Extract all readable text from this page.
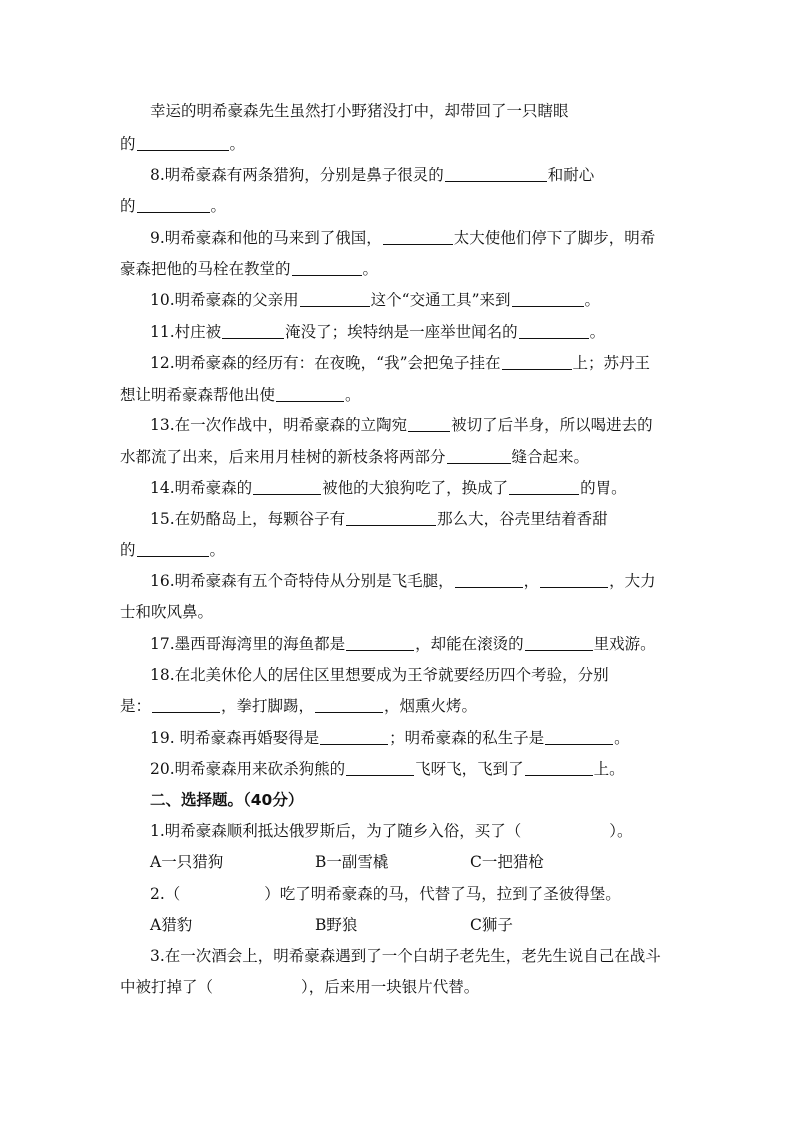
幸运的明希豪森先生虽然打小野猪没打中，却带回了一只瞎眼
的	。
8.明希豪森有两条猎狗，分别是鼻子很灵的	和耐心
的	。
9.明希豪森和他的马来到了俄国，	太大使他们停下了脚步，明希
豪森把他的马栓在教堂的	。
10.明希豪森的父亲用	这个“交通工具”来到	。
11.村庄被	淹没了；埃特纳是一座举世闻名的	。
12.明希豪森的经历有：在夜晚，“我”会把兔子挂在	上；苏丹王
想让明希豪森帮他出使	。
13.在一次作战中，明希豪森的立陶宛	被切了后半身，所以喝进去的
水都流了出来，后来用月桂树的新枝条将两部分	缝合起来。
14.明希豪森的	被他的大狼狗吃了，换成了	的胃。
15.在奶酪岛上，每颗谷子有	那么大，谷壳里结着香甜
的	。
16.明希豪森有五个奇特侍从分别是飞毛腿，	，	，大力
士和吹风鼻。
17.墨西哥海湾里的海鱼都是	，却能在滚烫的	里戏游。
18.在北美休伦人的居住区里想要成为王爷就要经历四个考验，分别
是：	，拳打脚踢，	，烟熏火烤。
19. 明希豪森再婚娶得是	；明希豪森的私生子是	。
20.明希豪森用来砍杀狗熊的	飞呀飞，飞到了	上。
二、选择题。（40分）
1.明希豪森顺利抵达俄罗斯后，为了随乡入俗，买了（	）。
A一只猎狗	B一副雪橇	C一把猎枪
2.（	）吃了明希豪森的马，代替了马，拉到了圣彼得堡。
A猎豹	B野狼	C狮子
3.在一次酒会上，明希豪森遇到了一个白胡子老先生，老先生说自己在战斗
中被打掉了（	），后来用一块银片代替。
